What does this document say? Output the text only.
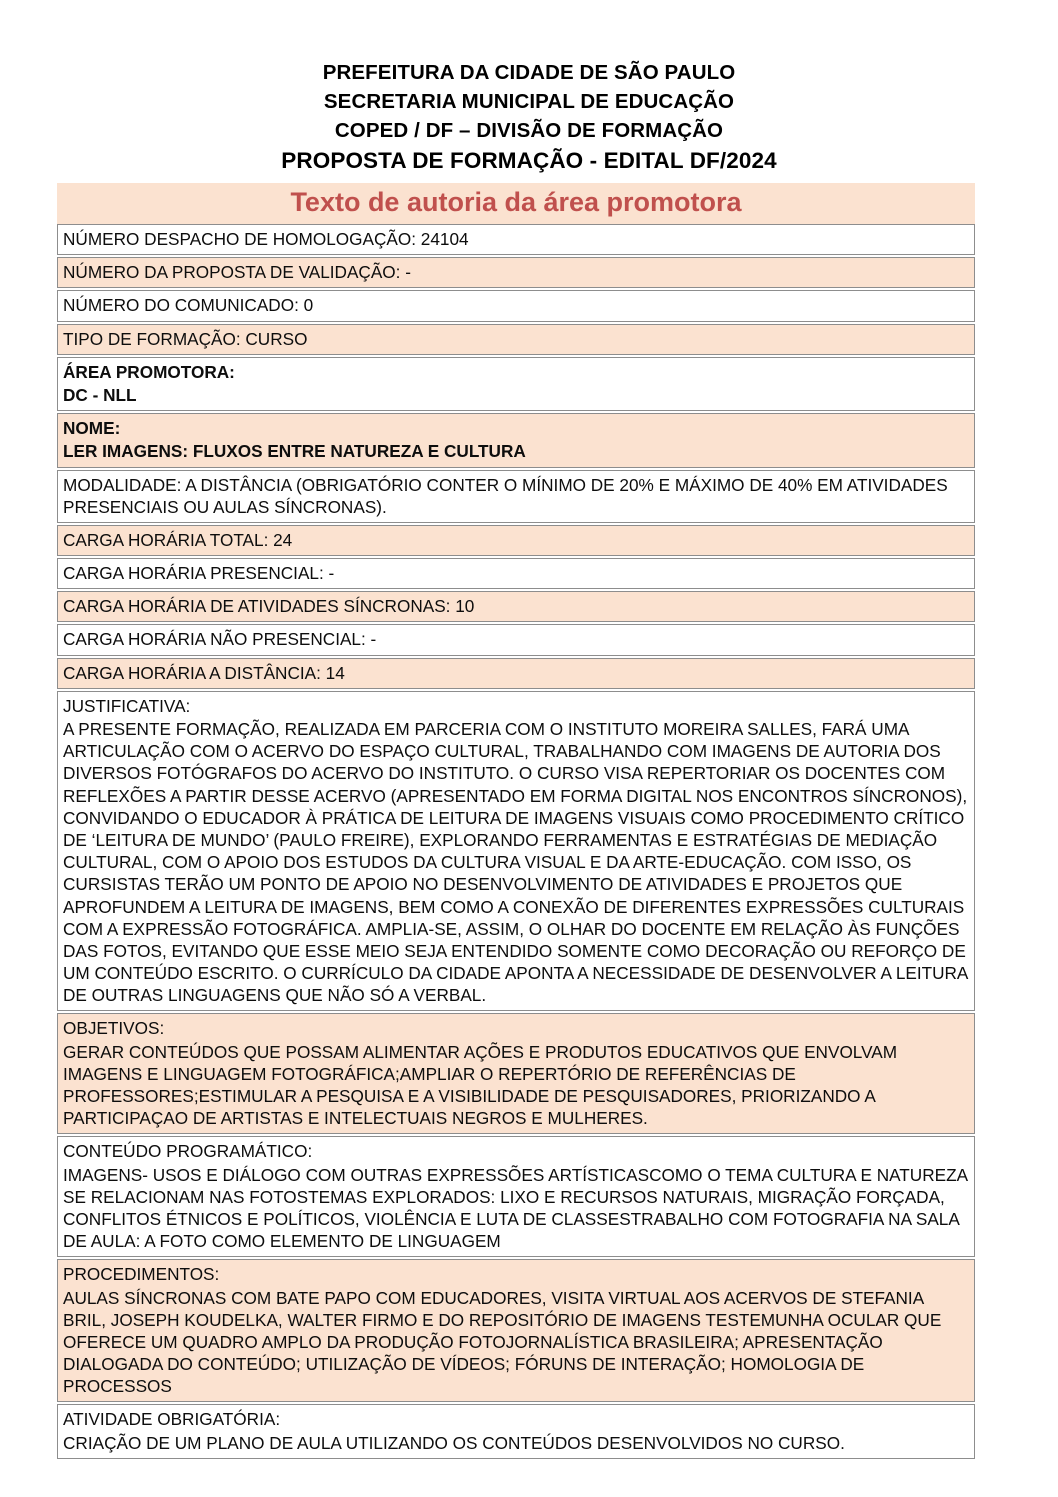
PREFEITURA DA CIDADE DE SÃO PAULO
SECRETARIA MUNICIPAL DE EDUCAÇÃO
COPED / DF – DIVISÃO DE FORMAÇÃO
PROPOSTA DE FORMAÇÃO - EDITAL DF/2024
Texto de autoria da área promotora

NÚMERO DESPACHO DE HOMOLOGAÇÃO: 24104

NÚMERO DA PROPOSTA DE VALIDAÇÃO: -

NÚMERO DO COMUNICADO: 0

TIPO DE FORMAÇÃO: CURSO

ÁREA PROMOTORA:

DC - NLL

NOME:

LER IMAGENS: FLUXOS ENTRE NATUREZA E CULTURA

MODALIDADE: A DISTÂNCIA (OBRIGATÓRIO CONTER O MÍNIMO DE 20% E MÁXIMO DE 40% EM ATIVIDADES PRESENCIAIS OU AULAS SÍNCRONAS).

CARGA HORÁRIA TOTAL: 24

CARGA HORÁRIA PRESENCIAL: -

CARGA HORÁRIA DE ATIVIDADES SÍNCRONAS: 10

CARGA HORÁRIA NÃO PRESENCIAL: -

CARGA HORÁRIA A DISTÂNCIA: 14

JUSTIFICATIVA:

A PRESENTE FORMAÇÃO, REALIZADA EM PARCERIA COM O INSTITUTO MOREIRA SALLES, FARÁ UMA ARTICULAÇÃO COM O ACERVO DO ESPAÇO CULTURAL, TRABALHANDO COM IMAGENS DE AUTORIA DOS DIVERSOS FOTÓGRAFOS DO ACERVO DO INSTITUTO. O CURSO VISA REPERTORIAR OS DOCENTES COM REFLEXÕES A PARTIR DESSE ACERVO (APRESENTADO EM FORMA DIGITAL NOS ENCONTROS SÍNCRONOS), CONVIDANDO O EDUCADOR À PRÁTICA DE LEITURA DE IMAGENS VISUAIS COMO PROCEDIMENTO CRÍTICO DE ‘LEITURA DE MUNDO’ (PAULO FREIRE), EXPLORANDO FERRAMENTAS E ESTRATÉGIAS DE MEDIAÇÃO CULTURAL, COM O APOIO DOS ESTUDOS DA CULTURA VISUAL E DA ARTE-EDUCAÇÃO. COM ISSO, OS CURSISTAS TERÃO UM PONTO DE APOIO NO DESENVOLVIMENTO DE ATIVIDADES E PROJETOS QUE APROFUNDEM A LEITURA DE IMAGENS, BEM COMO A CONEXÃO DE DIFERENTES EXPRESSÕES CULTURAIS COM A EXPRESSÃO FOTOGRÁFICA. AMPLIA-SE, ASSIM, O OLHAR DO DOCENTE EM RELAÇÃO ÀS FUNÇÕES DAS FOTOS, EVITANDO QUE ESSE MEIO SEJA ENTENDIDO SOMENTE COMO DECORAÇÃO OU REFORÇO DE UM CONTEÚDO ESCRITO. O CURRÍCULO DA CIDADE APONTA A NECESSIDADE DE DESENVOLVER A LEITURA DE OUTRAS LINGUAGENS QUE NÃO SÓ A VERBAL.

OBJETIVOS:

GERAR CONTEÚDOS QUE POSSAM ALIMENTAR AÇÕES E PRODUTOS EDUCATIVOS QUE ENVOLVAM IMAGENS E LINGUAGEM FOTOGRÁFICA;AMPLIAR O REPERTÓRIO DE REFERÊNCIAS DE PROFESSORES;ESTIMULAR A PESQUISA E A VISIBILIDADE DE PESQUISADORES, PRIORIZANDO A PARTICIPAÇAO DE ARTISTAS E INTELECTUAIS NEGROS E MULHERES.

CONTEÚDO PROGRAMÁTICO:

IMAGENS- USOS E DIÁLOGO COM OUTRAS EXPRESSÕES ARTÍSTICASCOMO O TEMA CULTURA E NATUREZA SE RELACIONAM NAS FOTOSTEMAS EXPLORADOS: LIXO E RECURSOS NATURAIS, MIGRAÇÃO FORÇADA, CONFLITOS ÉTNICOS E POLÍTICOS, VIOLÊNCIA E LUTA DE CLASSESTRABALHO COM FOTOGRAFIA NA SALA DE AULA: A FOTO COMO ELEMENTO DE LINGUAGEM

PROCEDIMENTOS:

AULAS SÍNCRONAS COM BATE PAPO COM EDUCADORES, VISITA VIRTUAL AOS ACERVOS DE STEFANIA BRIL, JOSEPH KOUDELKA, WALTER FIRMO E DO REPOSITÓRIO DE IMAGENS TESTEMUNHA OCULAR QUE OFERECE UM QUADRO AMPLO DA PRODUÇÃO FOTOJORNALÍSTICA BRASILEIRA; APRESENTAÇÃO DIALOGADA DO CONTEÚDO; UTILIZAÇÃO DE VÍDEOS; FÓRUNS DE INTERAÇÃO; HOMOLOGIA DE PROCESSOS

ATIVIDADE OBRIGATÓRIA:

CRIAÇÃO DE UM PLANO DE AULA UTILIZANDO OS CONTEÚDOS DESENVOLVIDOS NO CURSO.
